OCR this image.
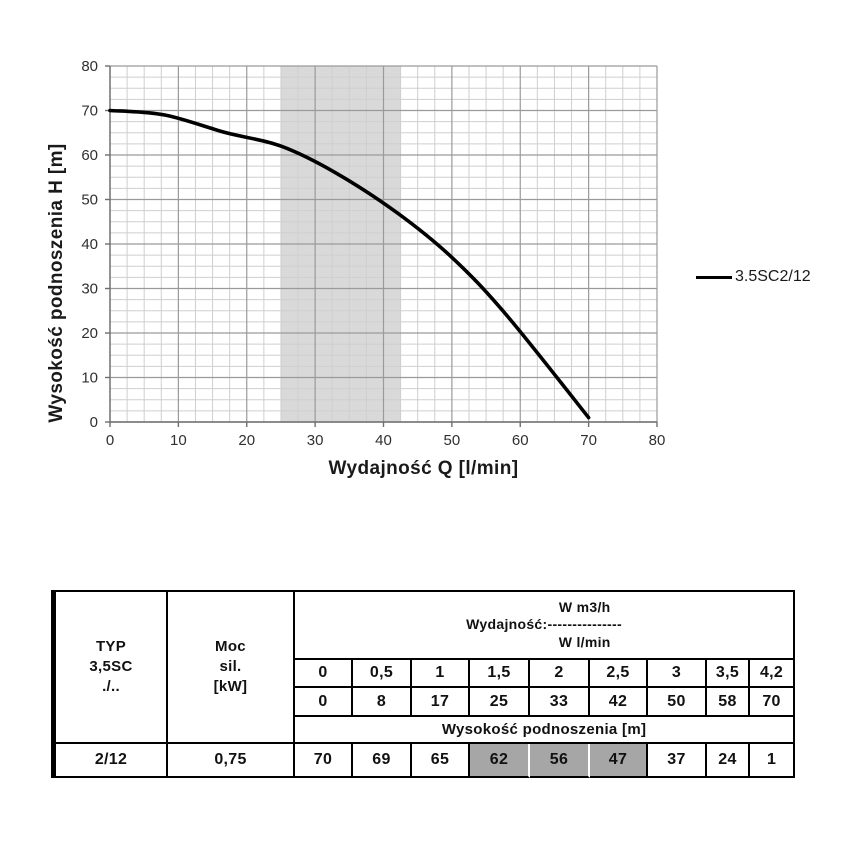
0	10	20	30	40	50	60	70	80
0
10
20
30
40
50
60
70
80
Wysokość podnoszenia H [m]
Wydajność Q [l/min]
3.5SC2/12
TYP
3,5SC
./..

Moc
sil.
[kW]

Wydajność:
W m3/h
---------------
W l/min

		0	0,5	1	1,5	2	2,5	3	3,5	4,2
		0	8	17	25	33	42	50	58	70
		Wysokość podnoszenia [m]								
2/12	0,75	70	69	65	62	56	47	37	24	1
